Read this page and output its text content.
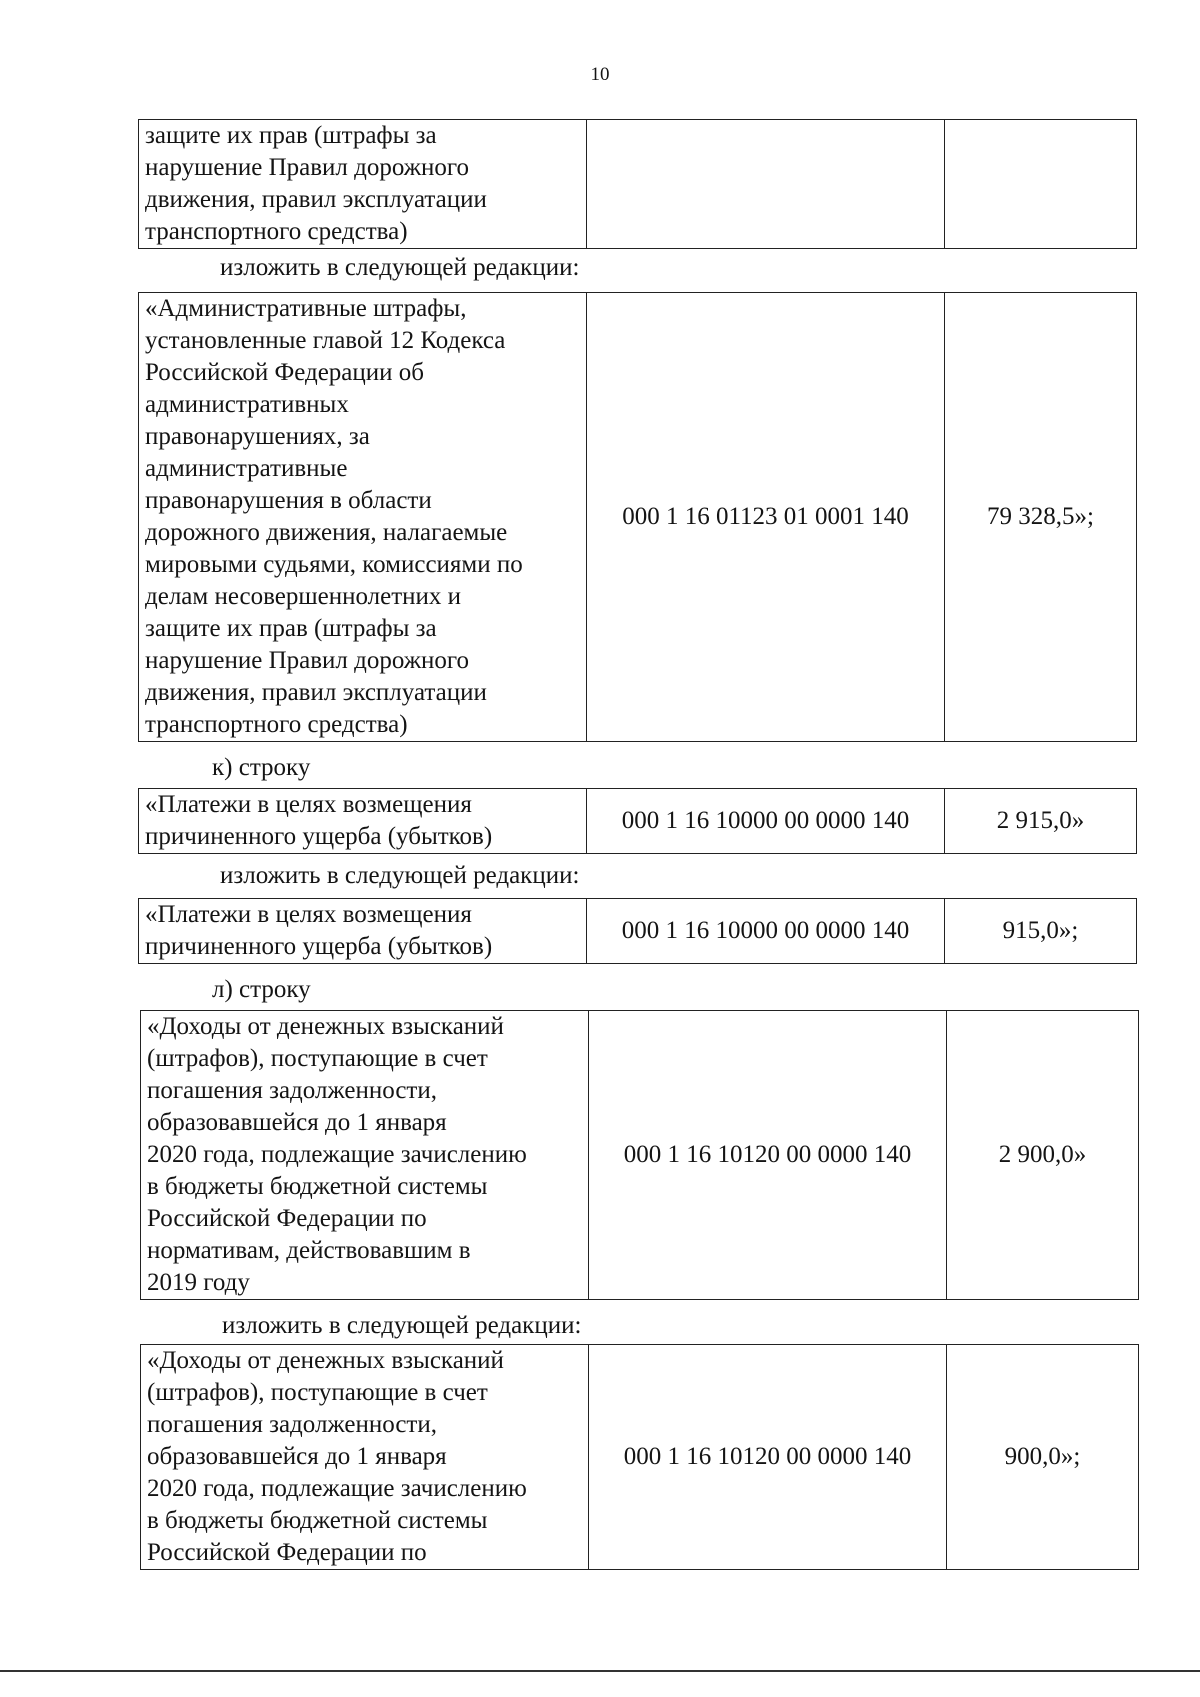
10
защите их прав (штрафы за
нарушение Правил дорожного
движения, правил эксплуатации
транспортного средства)		
изложить в следующей редакции:
«Административные штрафы,
установленные главой 12 Кодекса
Российской Федерации об
административных
правонарушениях, за
административные
правонарушения в области
дорожного движения, налагаемые
мировыми судьями, комиссиями по
делам несовершеннолетних и
защите их прав (штрафы за
нарушение Правил дорожного
движения, правил эксплуатации
транспортного средства)	000 1 16 01123 01 0001 140	79 328,5»;
к) строку
«Платежи в целях возмещения
причиненного ущерба (убытков)	000 1 16 10000 00 0000 140	2 915,0»
изложить в следующей редакции:
«Платежи в целях возмещения
причиненного ущерба (убытков)	000 1 16 10000 00 0000 140	915,0»;
л) строку
«Доходы от денежных взысканий
(штрафов), поступающие в счет
погашения задолженности,
образовавшейся до 1 января
2020 года, подлежащие зачислению
в бюджеты бюджетной системы
Российской Федерации по
нормативам, действовавшим в
2019 году	000 1 16 10120 00 0000 140	2 900,0»
изложить в следующей редакции:
«Доходы от денежных взысканий
(штрафов), поступающие в счет
погашения задолженности,
образовавшейся до 1 января
2020 года, подлежащие зачислению
в бюджеты бюджетной системы
Российской Федерации по	000 1 16 10120 00 0000 140	900,0»;
